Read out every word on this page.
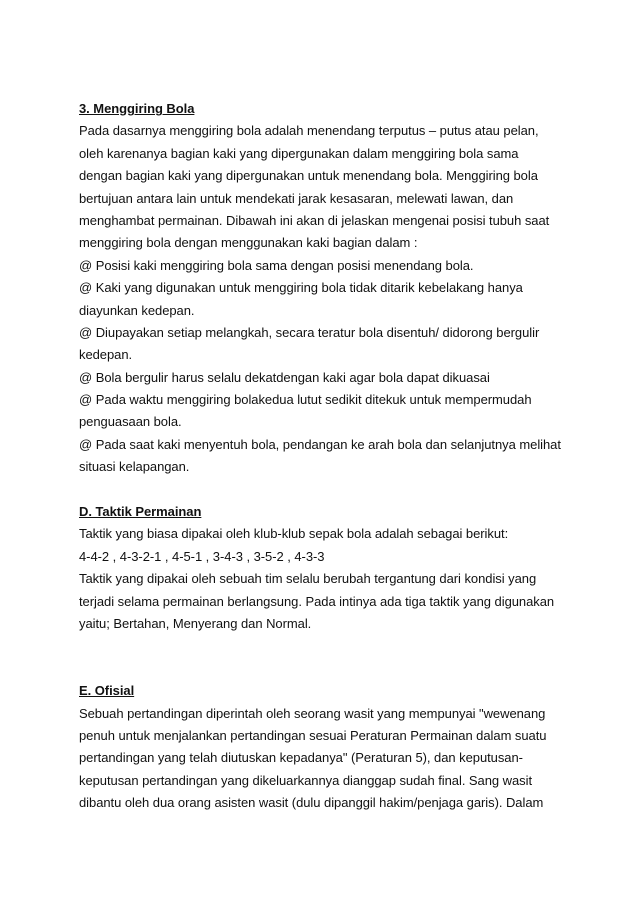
3. Menggiring Bola
Pada dasarnya menggiring bola adalah menendang terputus – putus atau pelan,
oleh karenanya bagian kaki yang dipergunakan dalam menggiring bola sama
dengan bagian kaki yang dipergunakan untuk menendang bola. Menggiring bola
bertujuan antara lain untuk mendekati jarak kesasaran, melewati lawan, dan
menghambat permainan. Dibawah ini akan di jelaskan mengenai posisi tubuh saat
menggiring bola dengan menggunakan kaki bagian dalam :
@ Posisi kaki menggiring bola sama dengan posisi menendang bola.
@ Kaki yang digunakan untuk menggiring bola tidak ditarik kebelakang hanya
diayunkan kedepan.
@ Diupayakan setiap melangkah, secara teratur bola disentuh/ didorong bergulir
kedepan.
@ Bola bergulir harus selalu dekatdengan kaki agar bola dapat dikuasai
@ Pada waktu menggiring bolakedua lutut sedikit ditekuk untuk mempermudah
penguasaan bola.
@ Pada saat kaki menyentuh bola, pendangan ke arah bola dan selanjutnya melihat
situasi kelapangan.
D. Taktik Permainan
Taktik yang biasa dipakai oleh klub-klub sepak bola adalah sebagai berikut:
4-4-2 , 4-3-2-1 , 4-5-1 , 3-4-3 , 3-5-2 , 4-3-3
Taktik yang dipakai oleh sebuah tim selalu berubah tergantung dari kondisi yang
terjadi selama permainan berlangsung. Pada intinya ada tiga taktik yang digunakan
yaitu; Bertahan, Menyerang dan Normal.
E. Ofisial
Sebuah pertandingan diperintah oleh seorang wasit yang mempunyai "wewenang
penuh untuk menjalankan pertandingan sesuai Peraturan Permainan dalam suatu
pertandingan yang telah diutuskan kepadanya" (Peraturan 5), dan keputusan-
keputusan pertandingan yang dikeluarkannya dianggap sudah final. Sang wasit
dibantu oleh dua orang asisten wasit (dulu dipanggil hakim/penjaga garis). Dalam
